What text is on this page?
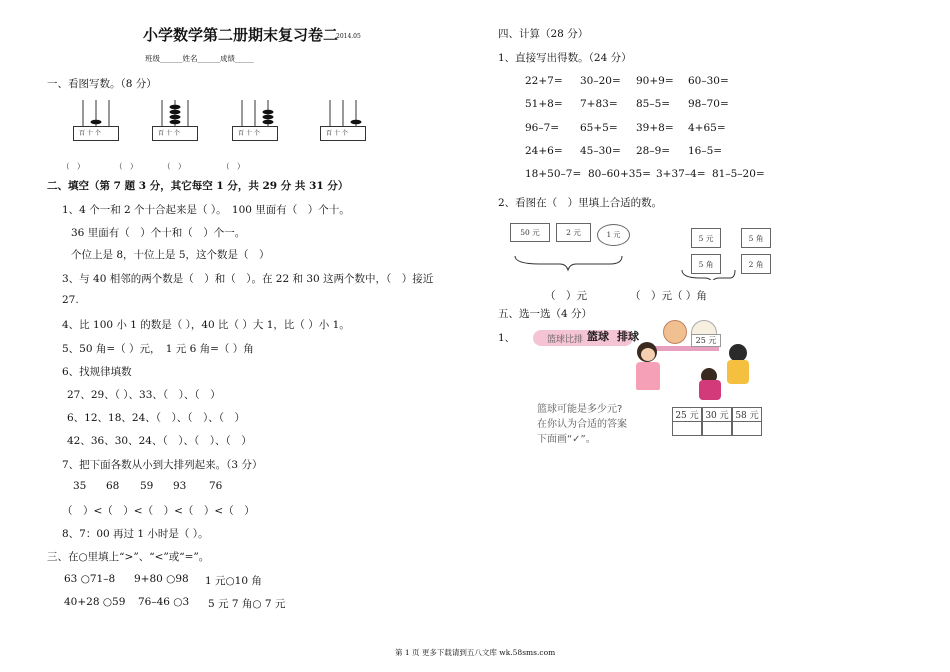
小学数学第二册期末复习卷二
2014.05
班级______姓名______成绩_____
一、看图写数。（8 分）
百 十 个	百 十 个	百 十 个	百 十 个
（　）	（　）	（　）	（　）
二、填空（第 7 题 3 分，其它每空 1 分，共 29 分 共 31 分）
1、4 个一和 2 个十合起来是（ ）。　100 里面有（　）个十。
36 里面有（　）个十和（　）个一。
个位上是 8，十位上是 5，这个数是（　）
3、与 40 相邻的两个数是（　）和（　）。在 22 和 30 这两个数中，（　）接近
27.
4、比 100 小 1 的数是（ ），40 比（ ）大 1，比（ ）小 1。
5、50 角=（ ）元，　1 元 6 角=（ ）角
6、找规律填数
27、29、（ ）、33、（　）、（　）
6、12、18、24、（　）、（　）、（　）
42、36、30、24、（　）、（　）、（　）
7、把下面各数从小到大排列起来。（3 分）
35 68 59 93 76
（　）<（　）<（　）<（　）<（　）
8、7：00 再过 1 小时是（ ）。
三、在○里填上“>”、“<”或“=”。
63 ○71–8 9+80 ○98 1 元○10 角
40+28 ○59 76–46 ○3 5 元 7 角○ 7 元
四、计算（28 分）
1、直接写出得数。（24 分）
22+7= 30–20= 90+9= 60–30=
51+8= 7+83= 85–5= 98–70=
96–7= 65+5= 39+8= 4+65=
24+6= 45–30= 28–9= 16–5=
18+50–7= 80–60+35= 3+37–4= 81–5–20=
2、看图在（　）里填上合适的数。
50 元	2 元	1 元	5 元	5 角
5 角	2 角
（　）元	（　）元（ ）角
五、选一选（4 分）
1、	篮球比排 篮球 排球	25 元
篮球可能是多少元?
在你认为合适的答案
下面画“✓”。
25 元 30 元 58 元
第 1 页 更多下载请到五八文库 wk.58sms.com
